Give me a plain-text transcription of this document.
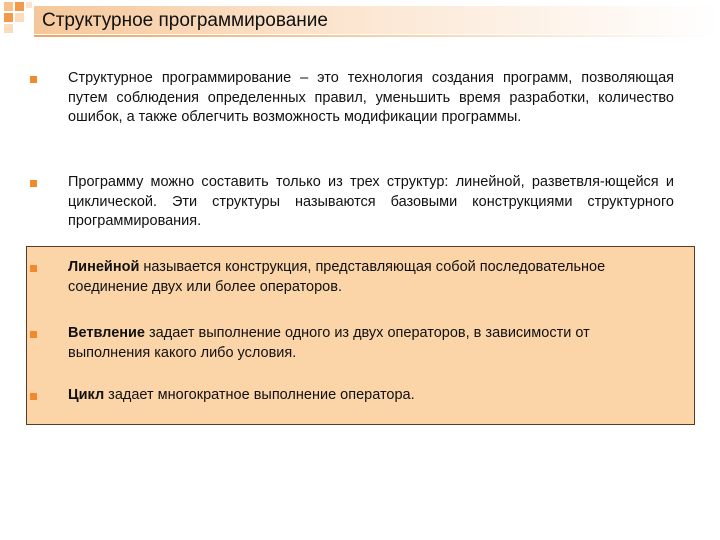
Структурное программирование
Структурное программирование – это технология создания программ, позволяющая путем соблюдения определенных правил, уменьшить время разработки, количество ошибок, а также облегчить возможность модификации программы.
Программу можно составить только из трех структур: линейной, разветвля-ющейся и циклической. Эти структуры называются базовыми конструкциями структурного программирования.
Линейной называется конструкция, представляющая собой последовательное соединение двух или более операторов.
Ветвление задает выполнение одного из двух операторов, в зависимости от выполнения какого либо условия.
Цикл задает многократное выполнение оператора.
